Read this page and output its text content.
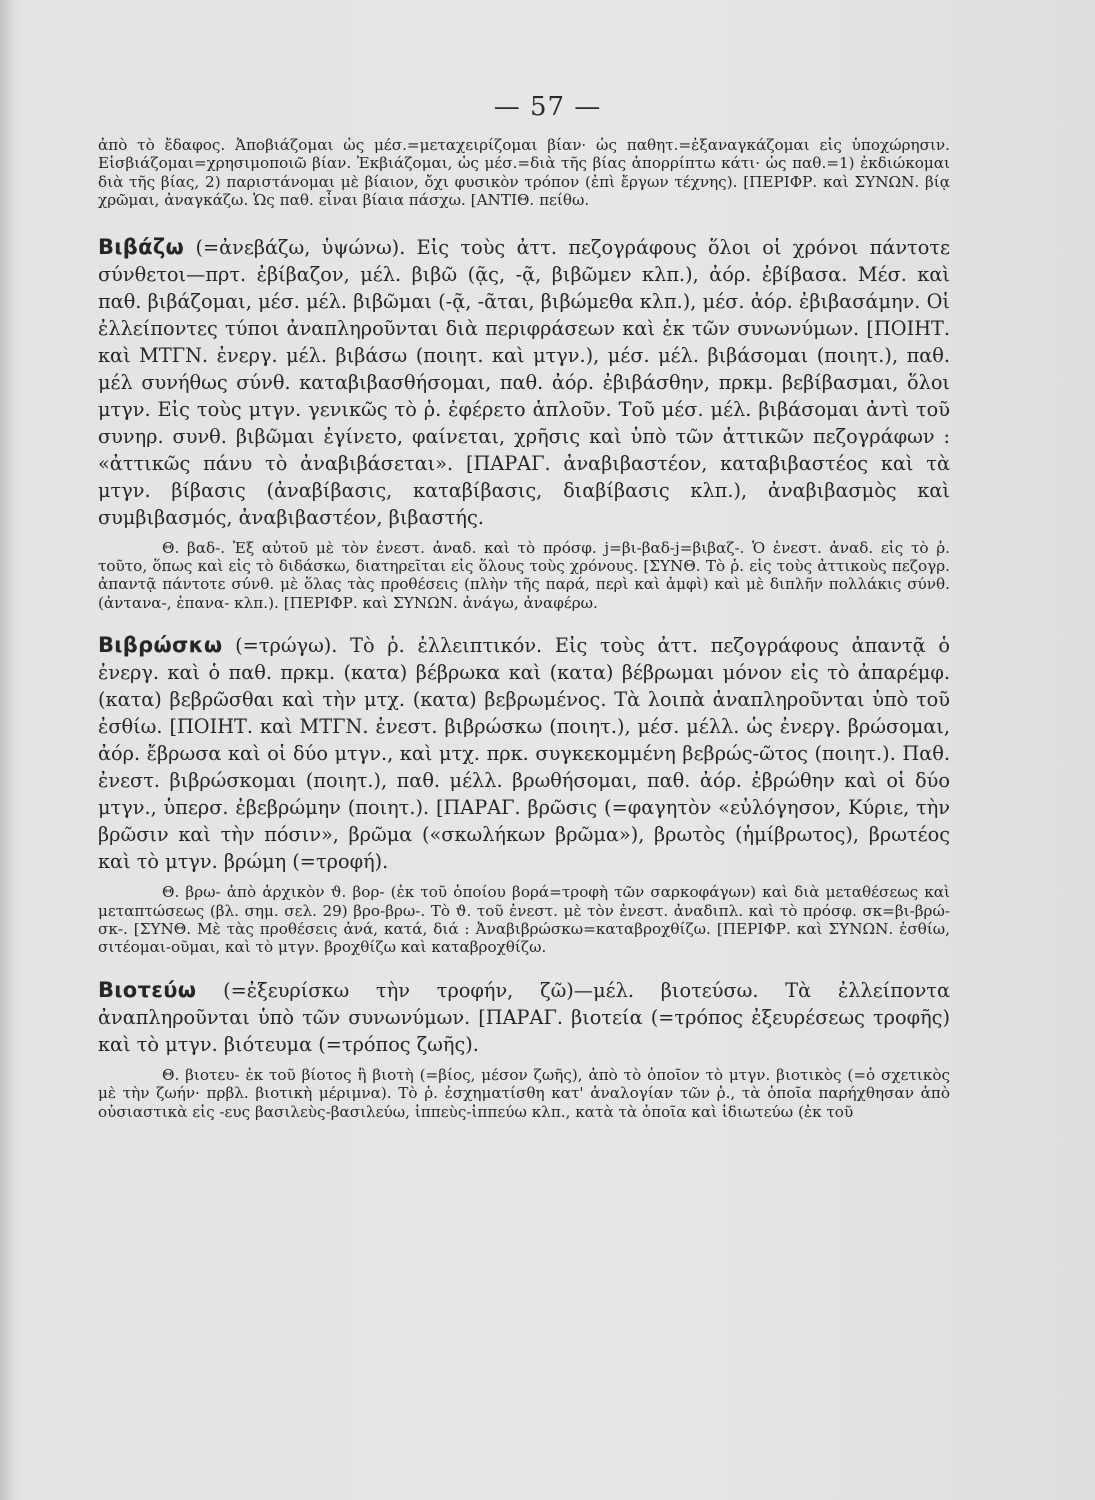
— 57 —

ἀπὸ τὸ ἔδαφος. Ἀποβιάζομαι ὡς μέσ.=μεταχειρίζομαι βίαν· ὡς παθητ.=ἐξαναγκάζομαι εἰς ὑποχώρησιν. Εἰσβιάζομαι=χρησιμοποιῶ βίαν. Ἐκβιάζομαι, ὡς μέσ.=διὰ τῆς βίας ἀπορρίπτω κάτι· ὡς παθ.=1) ἐκδιώκομαι διὰ τῆς βίας, 2) παριστάνομαι μὲ βίαιον, ὄχι φυσικὸν τρόπον (ἐπὶ ἔργων τέχνης). [ΠΕΡΙΦΡ. καὶ ΣΥΝΩΝ. βίᾳ χρῶμαι, ἀναγκάζω. Ὡς παθ. εἶναι βίαια πάσχω. [ΑΝΤΙΘ. πείθω.

Βιβάζω (=ἀνεβάζω, ὑψώνω). Εἰς τοὺς ἀττ. πεζογράφους ὅλοι οἱ χρόνοι πάντοτε σύνθετοι—πρτ. ἐβίβαζον, μέλ. βιβῶ (ᾷς, -ᾷ, βιβῶμεν κλπ.), ἀόρ. ἐβίβασα. Μέσ. καὶ παθ. βιβάζομαι, μέσ. μέλ. βιβῶμαι (-ᾷ, -ᾶται, βιβώμεθα κλπ.), μέσ. ἀόρ. ἐβιβασάμην. Οἱ ἐλλείποντες τύποι ἀναπληροῦνται διὰ περιφράσεων καὶ ἐκ τῶν συνωνύμων. [ΠΟΙΗΤ. καὶ ΜΤΓΝ. ἐνεργ. μέλ. βιβάσω (ποιητ. καὶ μτγν.), μέσ. μέλ. βιβάσομαι (ποιητ.), παθ. μέλ συνήθως σύνθ. καταβιβασθήσομαι, παθ. ἀόρ. ἐβιβάσθην, πρκμ. βεβίβασμαι, ὅλοι μτγν. Εἰς τοὺς μτγν. γενικῶς τὸ ῥ. ἐφέρετο ἁπλοῦν. Τοῦ μέσ. μέλ. βιβάσομαι ἀντὶ τοῦ συνηρ. συνθ. βιβῶμαι ἐγίνετο, φαίνεται, χρῆσις καὶ ὑπὸ τῶν ἀττικῶν πεζογράφων : «ἀττικῶς πάνυ τὸ ἀναβιβάσεται». [ΠΑΡΑΓ. ἀναβιβαστέον, καταβιβαστέος καὶ τὰ μτγν. βίβασις (ἀναβίβασις, καταβίβασις, διαβίβασις κλπ.), ἀναβιβασμὸς καὶ συμβιβασμός, ἀναβιβαστέον, βιβαστής.

Θ. βαδ-. Ἐξ αὐτοῦ μὲ τὸν ἐνεστ. ἀναδ. καὶ τὸ πρόσφ. j=βι-βαδ-j=βιβαζ-. Ὁ ἐνεστ. ἀναδ. εἰς τὸ ῥ. τοῦτο, ὅπως καὶ εἰς τὸ διδάσκω, διατηρεῖται εἰς ὅλους τοὺς χρόνους. [ΣΥΝΘ. Τὸ ῥ. εἰς τοὺς ἀττικοὺς πεζογρ. ἀπαντᾷ πάντοτε σύνθ. μὲ ὅλας τὰς προθέσεις (πλὴν τῆς παρά, περὶ καὶ ἀμφὶ) καὶ μὲ διπλῆν πολλάκις σύνθ. (ἀντανα-, ἐπανα- κλπ.). [ΠΕΡΙΦΡ. καὶ ΣΥΝΩΝ. ἀνάγω, ἀναφέρω.

Βιβρώσκω (=τρώγω). Τὸ ῥ. ἐλλειπτικόν. Εἰς τοὺς ἀττ. πεζογράφους ἀπαντᾷ ὁ ἐνεργ. καὶ ὁ παθ. πρκμ. (κατα) βέβρωκα καὶ (κατα) βέβρωμαι μόνον εἰς τὸ ἀπαρέμφ. (κατα) βεβρῶσθαι καὶ τὴν μτχ. (κατα) βεβρωμένος. Τὰ λοιπὰ ἀναπληροῦνται ὑπὸ τοῦ ἐσθίω. [ΠΟΙΗΤ. καὶ ΜΤΓΝ. ἐνεστ. βιβρώσκω (ποιητ.), μέσ. μέλλ. ὡς ἐνεργ. βρώσομαι, ἀόρ. ἔβρωσα καὶ οἱ δύο μτγν., καὶ μτχ. πρκ. συγκεκομμένη βεβρώς-ῶτος (ποιητ.). Παθ. ἐνεστ. βιβρώσκομαι (ποιητ.), παθ. μέλλ. βρωθήσομαι, παθ. ἀόρ. ἐβρώθην καὶ οἱ δύο μτγν., ὑπερσ. ἐβεβρώμην (ποιητ.). [ΠΑΡΑΓ. βρῶσις (=φαγητὸν «εὐλόγησον, Κύριε, τὴν βρῶσιν καὶ τὴν πόσιν», βρῶμα («σκωλήκων βρῶμα»), βρωτὸς (ἡμίβρωτος), βρωτέος καὶ τὸ μτγν. βρώμη (=τροφή).

Θ. βρω- ἀπὸ ἀρχικὸν ϑ. βορ- (ἐκ τοῦ ὁποίου βορά=τροφὴ τῶν σαρκοφάγων) καὶ διὰ μεταθέσεως καὶ μεταπτώσεως (βλ. σημ. σελ. 29) βρο-βρω-. Τὸ ϑ. τοῦ ἐνεστ. μὲ τὸν ἐνεστ. ἀναδιπλ. καὶ τὸ πρόσφ. σκ=βι-βρώ-σκ-. [ΣΥΝΘ. Μὲ τὰς προθέσεις ἀνά, κατά, διά : Ἀναβιβρώσκω=καταβροχθίζω. [ΠΕΡΙΦΡ. καὶ ΣΥΝΩΝ. ἐσθίω, σιτέομαι-οῦμαι, καὶ τὸ μτγν. βροχθίζω καὶ καταβροχθίζω.

Βιοτεύω (=ἐξευρίσκω τὴν τροφήν, ζῶ)—μέλ. βιοτεύσω. Τὰ ἐλλείποντα ἀναπληροῦνται ὑπὸ τῶν συνωνύμων. [ΠΑΡΑΓ. βιοτεία (=τρόπος ἐξευρέσεως τροφῆς) καὶ τὸ μτγν. βιότευμα (=τρόπος ζωῆς).

Θ. βιοτευ- ἐκ τοῦ βίοτος ἢ βιοτὴ (=βίος, μέσον ζωῆς), ἀπὸ τὸ ὁποῖον τὸ μτγν. βιοτικὸς (=ὁ σχετικὸς μὲ τὴν ζωήν· πρβλ. βιοτικὴ μέριμνα). Τὸ ῥ. ἐσχηματίσθη κατ' ἀναλογίαν τῶν ῥ., τὰ ὁποῖα παρήχθησαν ἀπὸ οὐσιαστικὰ εἰς -ευς βασιλεὺς-βασιλεύω, ἱππεὺς-ἱππεύω κλπ., κατὰ τὰ ὁποῖα καὶ ἰδιωτεύω (ἐκ τοῦ
